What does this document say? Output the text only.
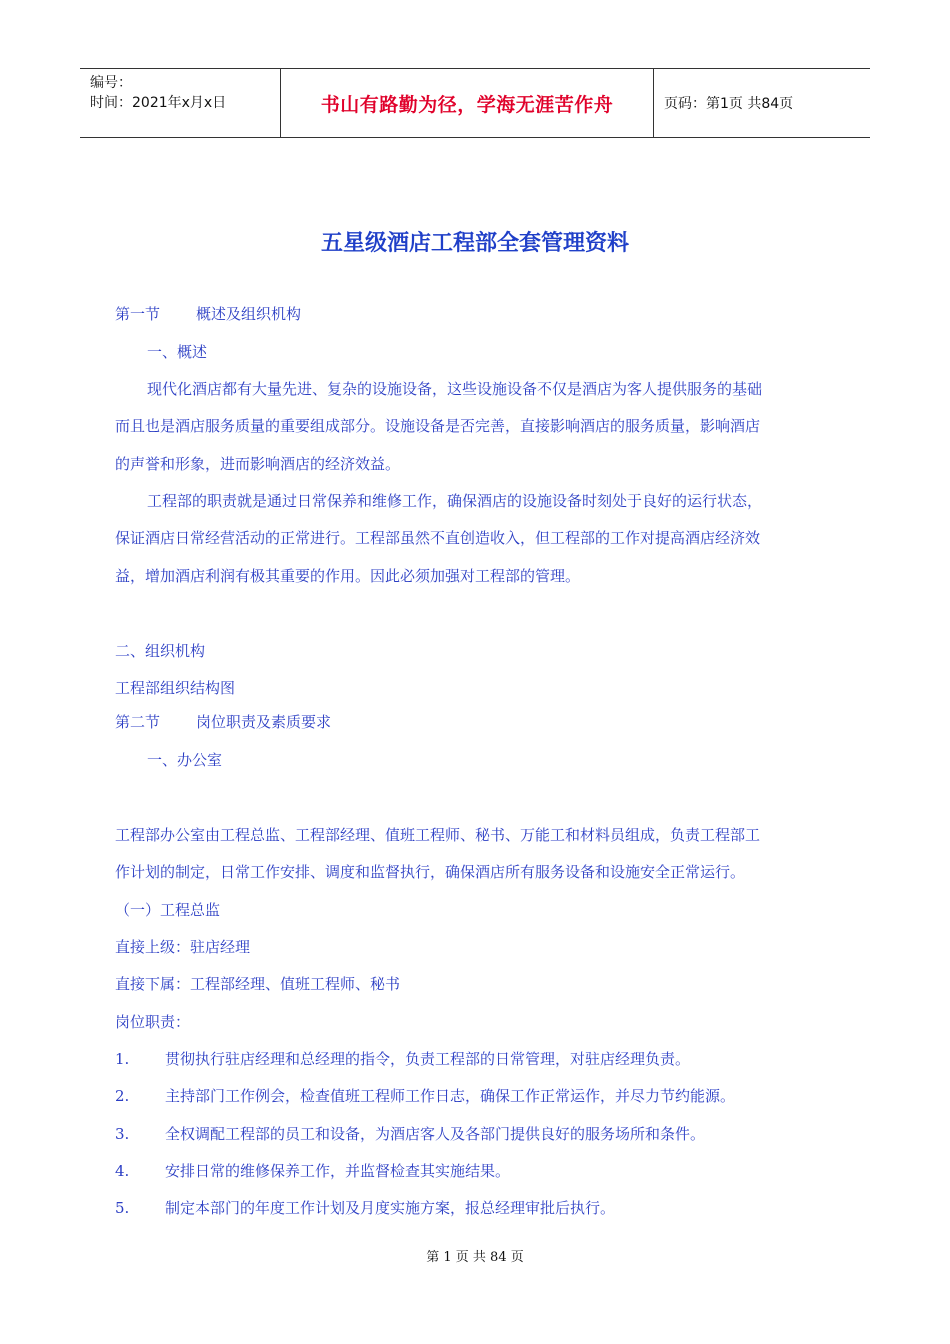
编号：
时间：2021年x月x日	书山有路勤为径，学海无涯苦作舟	页码：第1页 共84页
五星级酒店工程部全套管理资料
第一节 概述及组织机构
一、概述
现代化酒店都有大量先进、复杂的设施设备，这些设施设备不仅是酒店为客人提供服务的基础
而且也是酒店服务质量的重要组成部分。设施设备是否完善，直接影响酒店的服务质量，影响酒店
的声誉和形象，进而影响酒店的经济效益。
工程部的职责就是通过日常保养和维修工作，确保酒店的设施设备时刻处于良好的运行状态，
保证酒店日常经营活动的正常进行。工程部虽然不直创造收入，但工程部的工作对提高酒店经济效
益，增加酒店利润有极其重要的作用。因此必须加强对工程部的管理。
二、组织机构
工程部组织结构图
第二节 岗位职责及素质要求
一、办公室
工程部办公室由工程总监、工程部经理、值班工程师、秘书、万能工和材料员组成，负责工程部工
作计划的制定，日常工作安排、调度和监督执行，确保酒店所有服务设备和设施安全正常运行。
（一）工程总监
直接上级：驻店经理
直接下属：工程部经理、值班工程师、秘书
岗位职责：
1. 贯彻执行驻店经理和总经理的指令，负责工程部的日常管理，对驻店经理负责。
2. 主持部门工作例会，检查值班工程师工作日志，确保工作正常运作，并尽力节约能源。
3. 全权调配工程部的员工和设备，为酒店客人及各部门提供良好的服务场所和条件。
4. 安排日常的维修保养工作，并监督检查其实施结果。
5. 制定本部门的年度工作计划及月度实施方案，报总经理审批后执行。
第 1 页 共 84 页
